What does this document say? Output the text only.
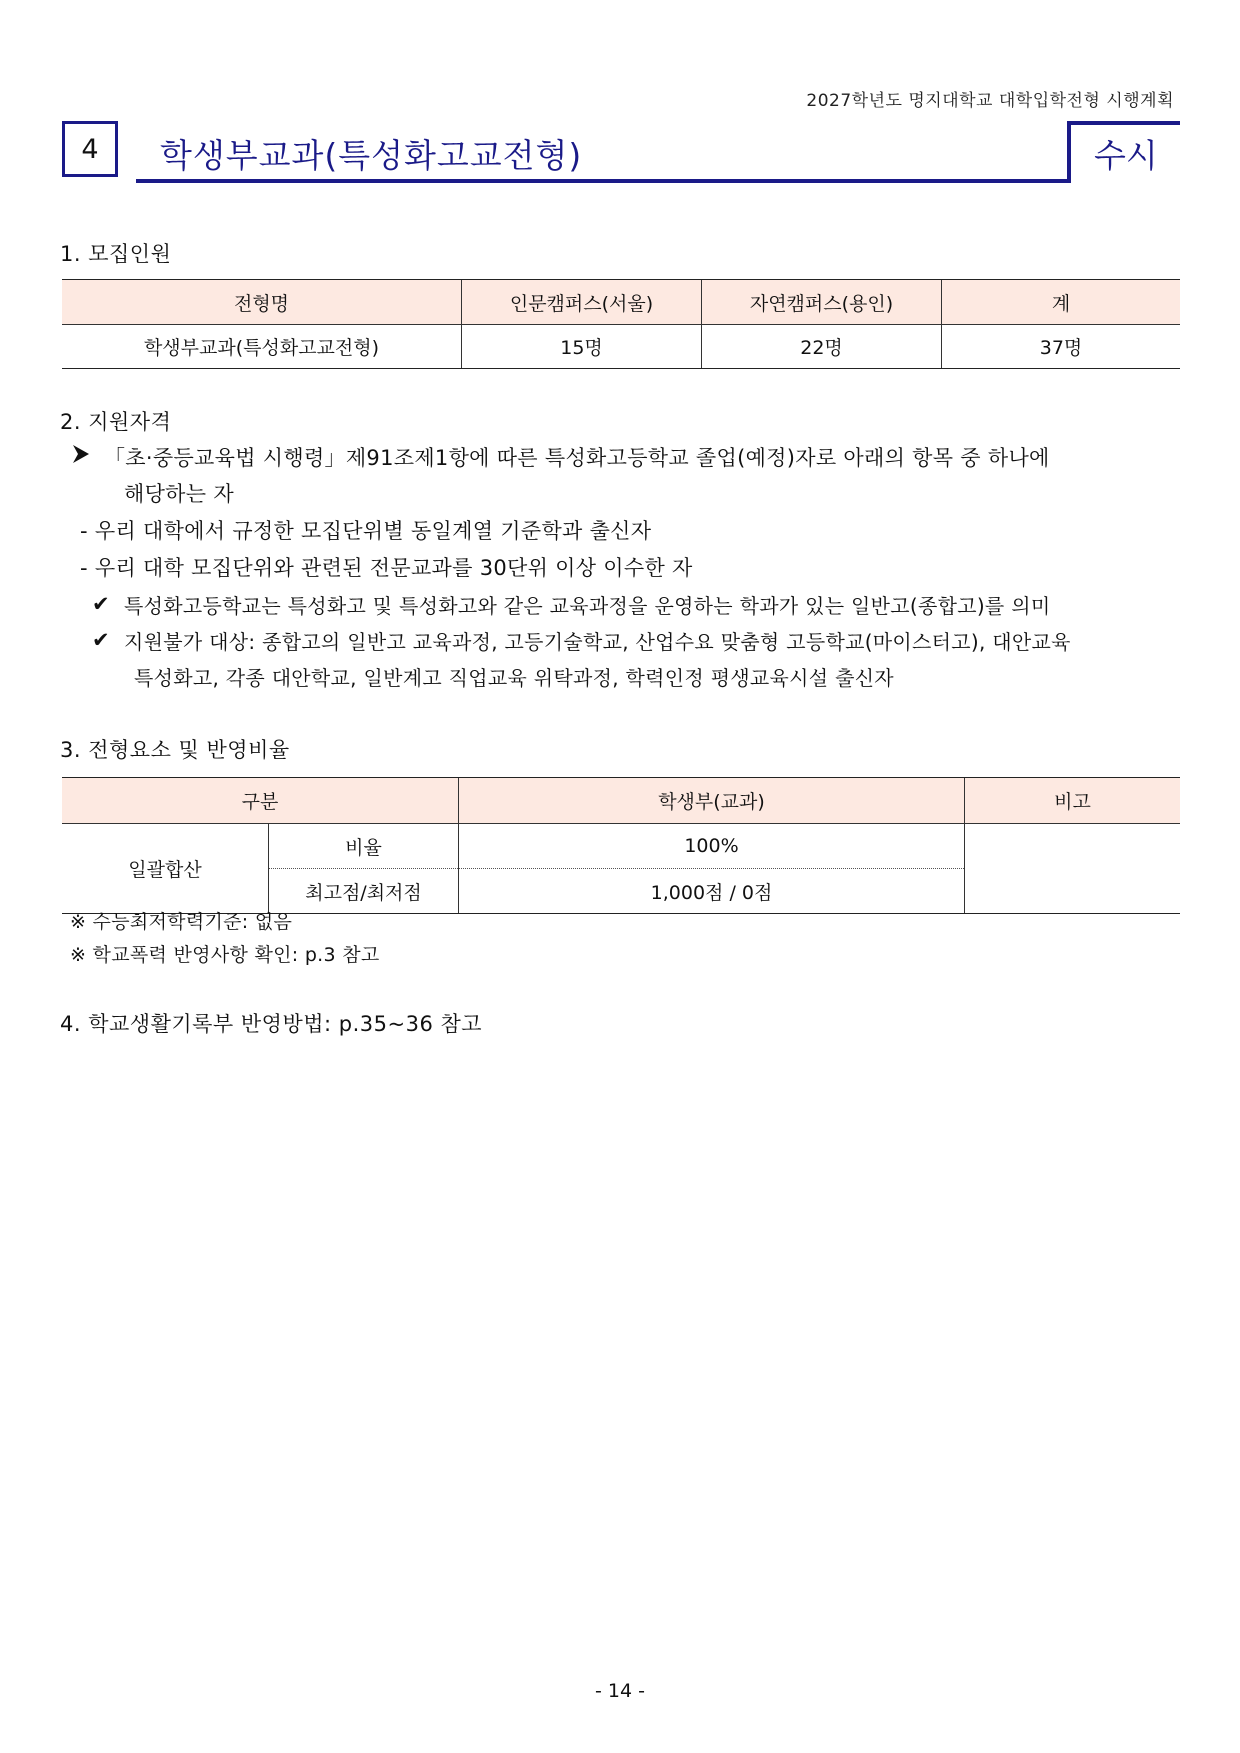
2027학년도 명지대학교 대학입학전형 시행계획
4	학생부교과(특성화고교전형)	수시
1. 모집인원
전형명	인문캠퍼스(서울)	자연캠퍼스(용인)	계
학생부교과(특성화고교전형)	15명	22명	37명
2. 지원자격
「초·중등교육법 시행령」제91조제1항에 따른 특성화고등학교 졸업(예정)자로 아래의 항목 중 하나에
해당하는 자
- 우리 대학에서 규정한 모집단위별 동일계열 기준학과 출신자
- 우리 대학 모집단위와 관련된 전문교과를 30단위 이상 이수한 자
✔ 특성화고등학교는 특성화고 및 특성화고와 같은 교육과정을 운영하는 학과가 있는 일반고(종합고)를 의미
✔ 지원불가 대상: 종합고의 일반고 교육과정, 고등기술학교, 산업수요 맞춤형 고등학교(마이스터고), 대안교육
특성화고, 각종 대안학교, 일반계고 직업교육 위탁과정, 학력인정 평생교육시설 출신자
3. 전형요소 및 반영비율
구분		학생부(교과)	비고
일괄합산	비율	100%	
	최고점/최저점	1,000점 / 0점	
※ 수능최저학력기준: 없음
※ 학교폭력 반영사항 확인: p.3 참고
4. 학교생활기록부 반영방법: p.35~36 참고
- 14 -
